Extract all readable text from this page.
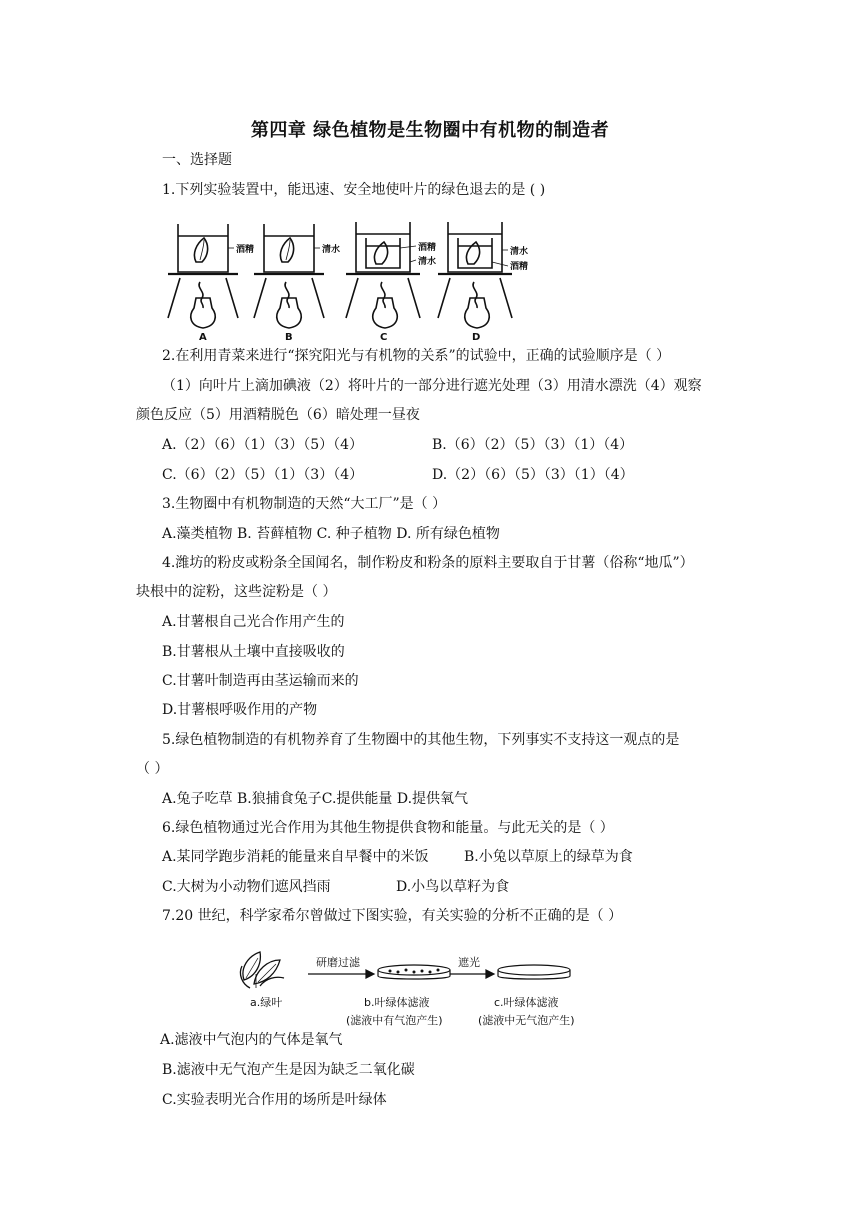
第四章 绿色植物是生物圈中有机物的制造者
一、选择题
1.下列实验装置中，能迅速、安全地使叶片的绿色退去的是 ( )
酒精	清水	酒精
清水
清水
酒精
A	B	C	D
2.在利用青菜来进行“探究阳光与有机物的关系”的试验中，正确的试验顺序是（ ）
（1）向叶片上滴加碘液（2）将叶片的一部分进行遮光处理（3）用清水漂洗（4）观察
颜色反应（5）用酒精脱色（6）暗处理一昼夜
A.（2）（6）（1）（3）（5）（4）	B.（6）（2）（5）（3）（1）（4）
C.（6）（2）（5）（1）（3）（4）	D.（2）（6）（5）（3）（1）（4）
3.生物圈中有机物制造的天然“大工厂”是（ ）
A.藻类植物 B. 苔藓植物 C. 种子植物 D. 所有绿色植物
4.潍坊的粉皮或粉条全国闻名，制作粉皮和粉条的原料主要取自于甘薯（俗称“地瓜”）
块根中的淀粉，这些淀粉是（ ）
A.甘薯根自己光合作用产生的
B.甘薯根从土壤中直接吸收的
C.甘薯叶制造再由茎运输而来的
D.甘薯根呼吸作用的产物
5.绿色植物制造的有机物养育了生物圈中的其他生物，下列事实不支持这一观点的是
（ ）
A.兔子吃草 B.狼捕食兔子C.提供能量 D.提供氧气
6.绿色植物通过光合作用为其他生物提供食物和能量。与此无关的是（ ）
A.某同学跑步消耗的能量来自早餐中的米饭	B.小兔以草原上的绿草为食
C.大树为小动物们遮风挡雨	D.小鸟以草籽为食
7.20 世纪，科学家希尔曾做过下图实验，有关实验的分析不正确的是（ ）
a.绿叶
研磨过滤	遮光
b.叶绿体滤液
(滤液中有气泡产生)
c.叶绿体滤液
(滤液中无气泡产生)
A.滤液中气泡内的气体是氧气
B.滤液中无气泡产生是因为缺乏二氧化碳
C.实验表明光合作用的场所是叶绿体
